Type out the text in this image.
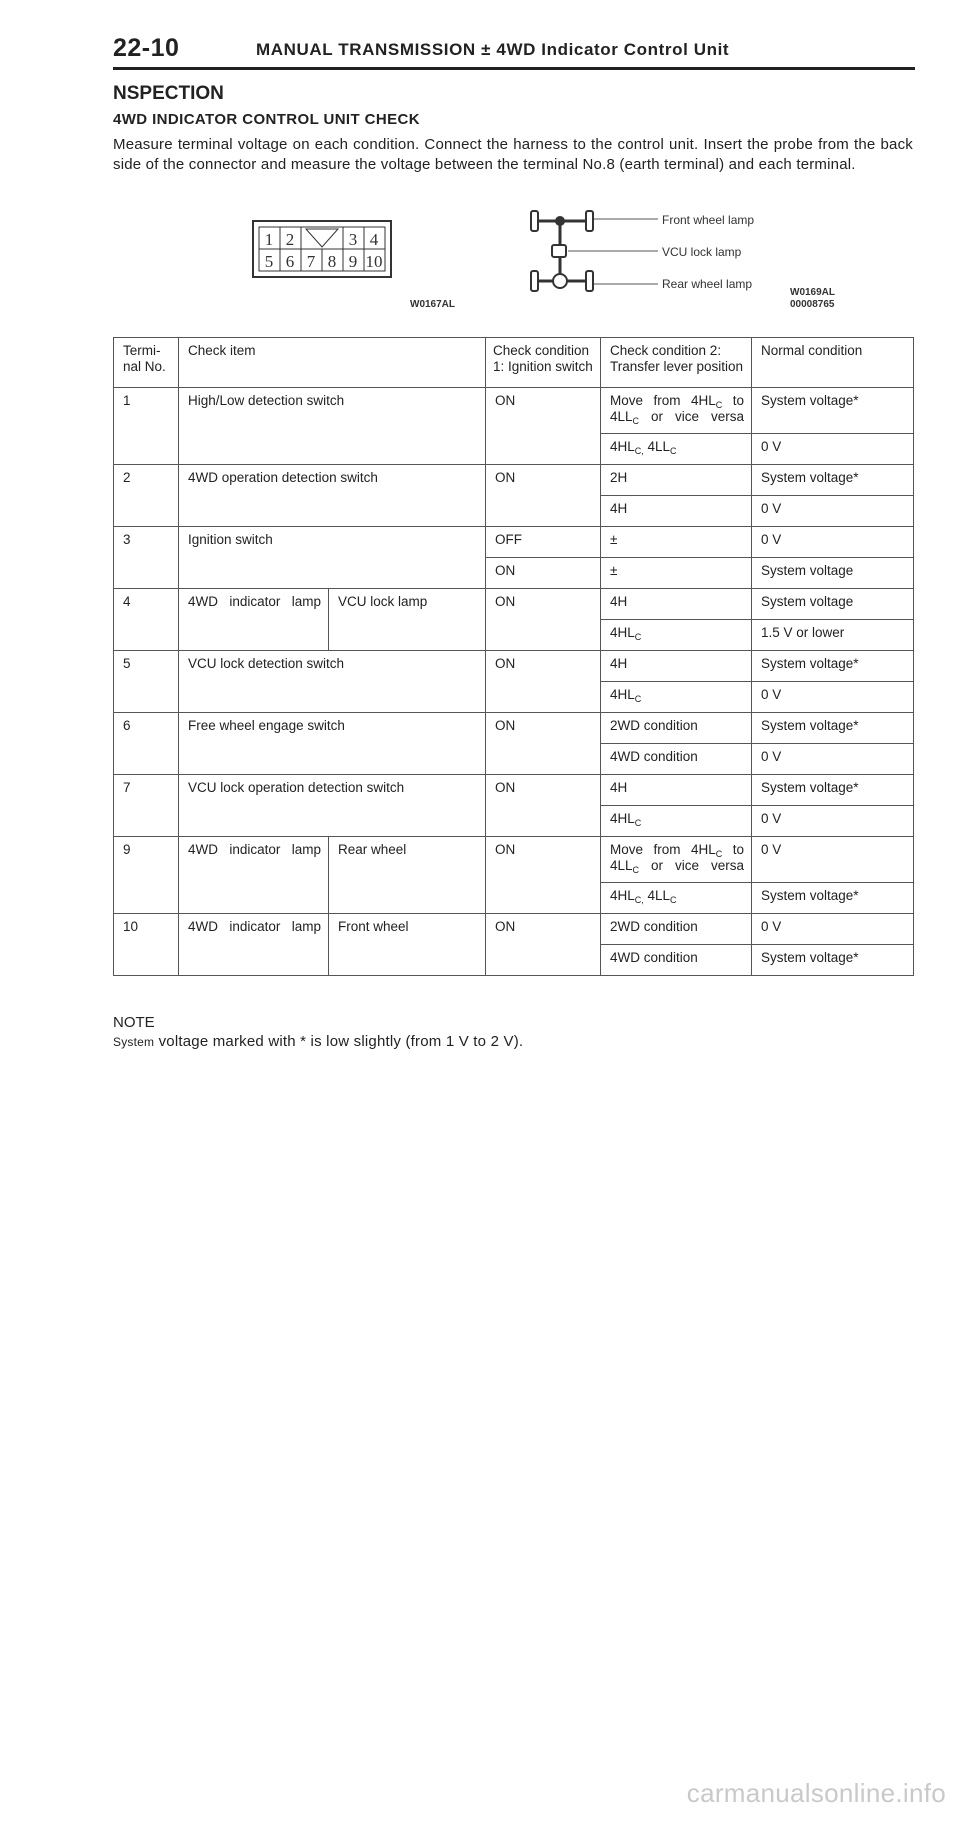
22-10	MANUAL TRANSMISSION ± 4WD Indicator Control Unit
NSPECTION
4WD INDICATOR CONTROL UNIT CHECK
Measure terminal voltage on each condition. Connect the harness to the control unit. Insert the probe from the back side of the connector and measure the voltage between the terminal No.8 (earth terminal) and each terminal.
1 2	3 4
5 6 7 8 9 10
W0167AL
Front wheel lamp
VCU lock lamp
Rear wheel lamp
W0169AL
00008765
Termi-nal No.	Check item		Check condition 1: Ignition switch	Check condition 2: Transfer lever position	Normal condition
1	High/Low detection switch		ON	Move from $4HL_C$ to $4LL_C$ or vice versa	System voltage*
				$4HL_{C,}$ $4LL_C$	0 V
2	4WD operation detection switch		ON	2H	System voltage*
				4H	0 V
3	Ignition switch		OFF	±	0 V
			ON	±	System voltage
4	4WD indicator lamp	VCU lock lamp	ON	4H	System voltage
				$4HL_C$	1.5 V or lower
5	VCU lock detection switch		ON	4H	System voltage*
				$4HL_C$	0 V
6	Free wheel engage switch		ON	2WD condition	System voltage*
				4WD condition	0 V
7	VCU lock operation detection switch		ON	4H	System voltage*
				$4HL_C$	0 V
9	4WD indicator lamp	Rear wheel	ON	Move from $4HL_C$ to $4LL_C$ or vice versa	0 V
				$4HL_{C,}$ $4LL_C$	System voltage*
10	4WD indicator lamp	Front wheel	ON	2WD condition	0 V
				4WD condition	System voltage*
NOTE
System voltage marked with * is low slightly (from 1 V to 2 V).
carmanualsonline.info
